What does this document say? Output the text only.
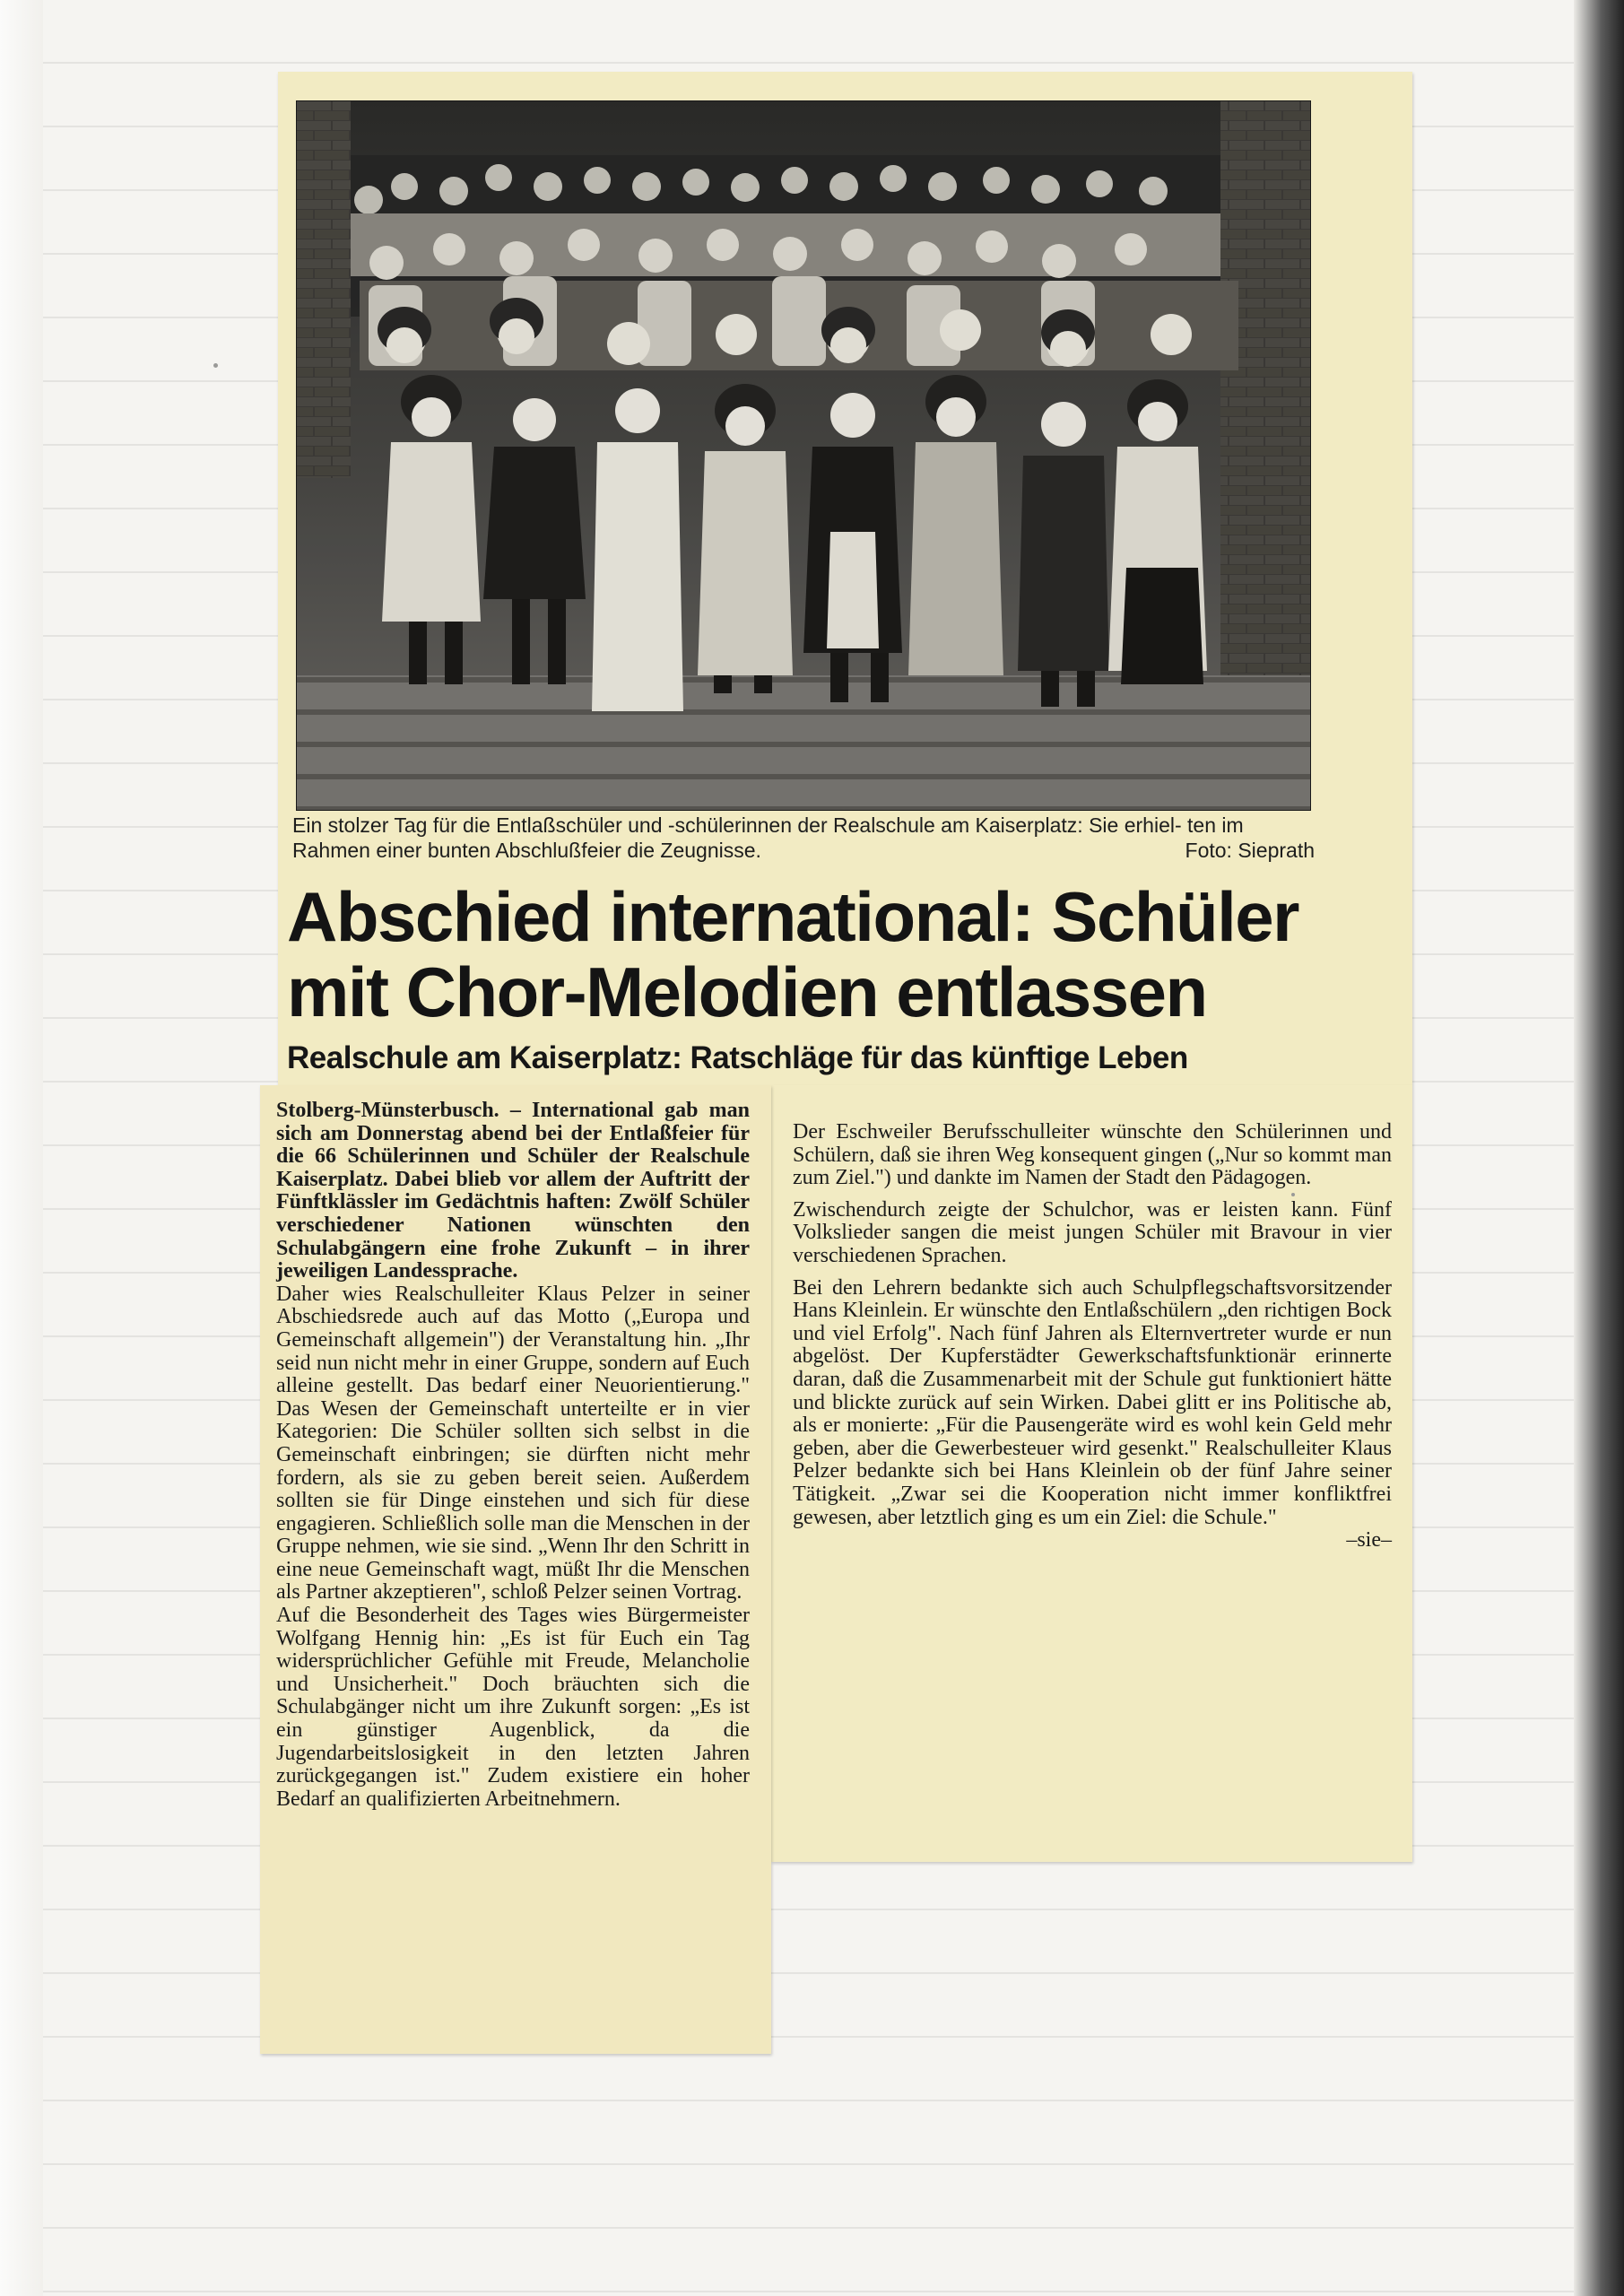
Ein stolzer Tag für die Entlaßschüler und -schülerinnen der Realschule am Kaiserplatz: Sie erhiel- ten im Rahmen einer bunten Abschlußfeier die Zeugnisse.	Foto: Sieprath
Abschied international: Schüler mit Chor-Melodien entlassen
Realschule am Kaiserplatz: Ratschläge für das künftige Leben

Stolberg-Münsterbusch. – International gab man sich am Donnerstag abend bei der Entlaßfeier für die 66 Schülerinnen und Schüler der Realschule Kaiserplatz. Dabei blieb vor allem der Auftritt der Fünftklässler im Gedächtnis haften: Zwölf Schüler verschiedener Nationen wünschten den Schulabgängern eine frohe Zukunft – in ihrer jeweiligen Landessprache.

Daher wies Realschulleiter Klaus Pelzer in seiner Abschiedsrede auch auf das Motto („Europa und Gemeinschaft allgemein") der Veranstaltung hin. „Ihr seid nun nicht mehr in einer Gruppe, sondern auf Euch alleine gestellt. Das bedarf einer Neuorientierung." Das Wesen der Gemeinschaft unterteilte er in vier Kategorien: Die Schüler sollten sich selbst in die Gemeinschaft einbringen; sie dürften nicht mehr fordern, als sie zu geben bereit seien. Außerdem sollten sie für Dinge einstehen und sich für diese engagieren. Schließlich solle man die Menschen in der Gruppe nehmen, wie sie sind. „Wenn Ihr den Schritt in eine neue Gemeinschaft wagt, müßt Ihr die Menschen als Partner akzeptieren", schloß Pelzer seinen Vortrag.

Auf die Besonderheit des Tages wies Bürgermeister Wolfgang Hennig hin: „Es ist für Euch ein Tag widersprüchlicher Gefühle mit Freude, Melancholie und Unsicherheit." Doch bräuchten sich die Schulabgänger nicht um ihre Zukunft sorgen: „Es ist ein günstiger Augenblick, da die Jugendarbeitslosigkeit in den letzten Jahren zurückgegangen ist." Zudem existiere ein hoher Bedarf an qualifizierten Arbeitnehmern.

Der Eschweiler Berufsschulleiter wünschte den Schülerinnen und Schülern, daß sie ihren Weg konsequent gingen („Nur so kommt man zum Ziel.") und dankte im Namen der Stadt den Pädagogen.

Zwischendurch zeigte der Schulchor, was er leisten kann. Fünf Volkslieder sangen die meist jungen Schüler mit Bravour in vier verschiedenen Sprachen.

Bei den Lehrern bedankte sich auch Schulpflegschaftsvorsitzender Hans Kleinlein. Er wünschte den Entlaßschülern „den richtigen Bock und viel Erfolg". Nach fünf Jahren als Elternvertreter wurde er nun abgelöst. Der Kupferstädter Gewerkschaftsfunktionär erinnerte daran, daß die Zusammenarbeit mit der Schule gut funktioniert hätte und blickte zurück auf sein Wirken. Dabei glitt er ins Politische ab, als er monierte: „Für die Pausengeräte wird es wohl kein Geld mehr geben, aber die Gewerbesteuer wird gesenkt." Realschulleiter Klaus Pelzer bedankte sich bei Hans Kleinlein ob der fünf Jahre seiner Tätigkeit. „Zwar sei die Kooperation nicht immer konfliktfrei gewesen, aber letztlich ging es um ein Ziel: die Schule."

–sie–
